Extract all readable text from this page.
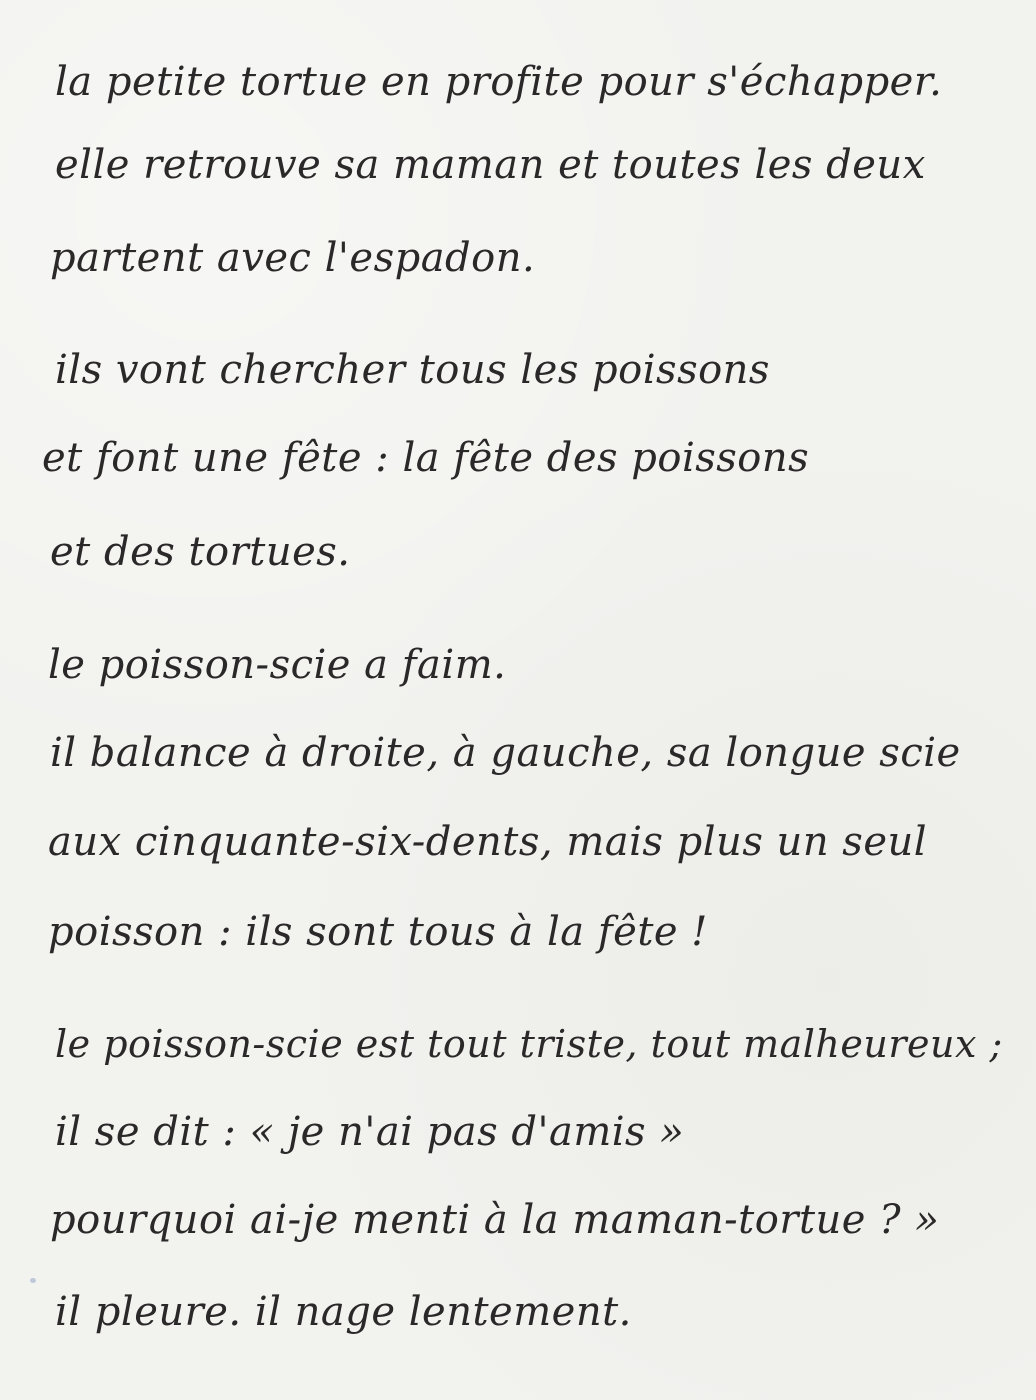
la petite tortue en profite pour s'échapper.
elle retrouve sa maman et toutes les deux
partent avec l'espadon.
ils vont chercher tous les poissons
et font une fête : la fête des poissons
et des tortues.
le poisson-scie a faim.
il balance à droite, à gauche, sa longue scie
aux cinquante-six-dents, mais plus un seul
poisson : ils sont tous à la fête !
le poisson-scie est tout triste, tout malheureux ;
il se dit : « je n'ai pas d'amis »
pourquoi ai-je menti à la maman-tortue ? »
il pleure. il nage lentement.
